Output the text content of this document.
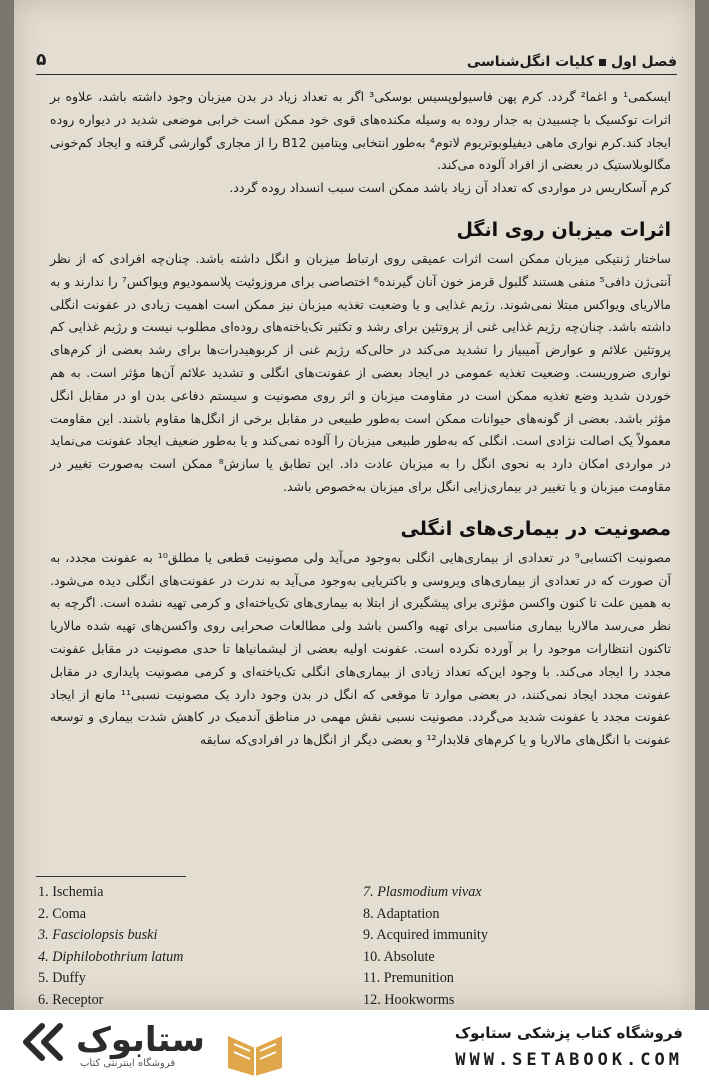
فصل اول
کلیات انگل‌شناسی
۵

ایسکمی¹ و اغما² گردد. کرم پهن فاسیولوپسیس بوسکی³ اگر به تعداد زیاد در بدن میزبان وجود داشته باشد، علاوه بر اثرات توکسیک با چسبیدن به جدار روده به وسیله مکنده‌های قوی خود ممکن است خرابی موضعی شدید در دیواره روده ایجاد کند.کرم نواری ماهی دیفیلوبوتریوم لاتوم⁴ به‌طور انتخابی ویتامین B12 را از مجاری گوارشی گرفته و ایجاد کم‌خونی مگالوبلاستیک در بعضی از افراد آلوده می‌کند.

کرم آسکاریس در مواردی که تعداد آن زیاد باشد ممکن است سبب انسداد روده گردد.

اثرات میزبان روی انگل

ساختار ژنتیکی میزبان ممکن است اثرات عمیقی روی ارتباط میزبان و انگل داشته باشد. چنان‌چه افرادی که از نظر آنتی‌ژن دافی⁵ منفی هستند گلبول قرمز خون آنان گیرنده⁶ اختصاصی برای مروزوئیت پلاسمودیوم ویواکس⁷ را ندارند و به مالاریای ویواکس مبتلا نمی‌شوند. رژیم غذایی و یا وضعیت تغذیه میزبان نیز ممکن است اهمیت زیادی در عفونت انگلی داشته باشد. چنان‌چه رژیم غذایی غنی از پروتئین برای رشد و تکثیر تک‌یاخته‌های روده‌ای مطلوب نیست و رژیم غذایی کم پروتئین علائم و عوارض آمیبیاز را تشدید می‌کند در حالی‌که رژیم غنی از کربوهیدرات‌ها برای رشد بعضی از کرم‌های نواری ضروریست. وضعیت تغذیه عمومی در ایجاد بعضی از عفونت‌های انگلی و تشدید علائم آن‌ها مؤثر است. به هم خوردن شدید وضع تغذیه ممکن است در مقاومت میزبان و اثر روی مصونیت و سیستم دفاعی بدن او در مقابل انگل مؤثر باشد. بعضی از گونه‌های حیوانات ممکن است به‌طور طبیعی در مقابل برخی از انگل‌ها مقاوم باشند. این مقاومت معمولاً یک اصالت نژادی است. انگلی که به‌طور طبیعی میزبان را آلوده نمی‌کند و یا به‌طور ضعیف ایجاد عفونت می‌نماید در مواردی امکان دارد به نحوی انگل را به میزبان عادت داد. این تطابق یا سازش⁸ ممکن است به‌صورت تغییر در مقاومت میزبان و یا تغییر در بیماری‌زایی انگل برای میزبان به‌خصوص باشد.

مصونیت در بیماری‌های انگلی

مصونیت اکتسابی⁹ در تعدادی از بیماری‌هایی انگلی به‌وجود می‌آید ولی مصونیت قطعی یا مطلق¹⁰ به عفونت مجدد، به آن صورت که در تعدادی از بیماری‌های ویروسی و باکتریایی به‌وجود می‌آید به ندرت در عفونت‌های انگلی دیده می‌شود. به همین علت تا کنون واکسن مؤثری برای پیشگیری از ابتلا به بیماری‌های تک‌یاخته‌ای و کرمی تهیه نشده است. اگرچه به نظر می‌رسد مالاریا بیماری مناسبی برای تهیه واکسن باشد ولی مطالعات صحرایی روی واکسن‌های تهیه شده مالاریا تاکنون انتظارات موجود را بر آورده نکرده است. عفونت اولیه بعضی از لیشمانیاها تا حدی مصونیت در مقابل عفونت مجدد را ایجاد می‌کند. با وجود این‌که تعداد زیادی از بیماری‌های انگلی تک‌یاخته‌ای و کرمی مصونیت پایداری در مقابل عفونت مجدد ایجاد نمی‌کنند، در بعضی موارد تا موقعی که انگل در بدن وجود دارد یک مصونیت نسبی¹¹ مانع از ایجاد عفونت مجدد یا عفونت شدید می‌گردد. مصونیت نسبی نقش مهمی در مناطق آندمیک در کاهش شدت بیماری و توسعه عفونت با انگل‌های مالاریا و یا کرم‌های قلابدار¹² و بعضی دیگر از انگل‌ها در افرادی‌که سابقه

1. Ischemia
2. Coma
3. Fasciolopsis buski
4. Diphilobothrium latum
5. Duffy
6. Receptor
7. Plasmodium vivax
8. Adaptation
9. Acquired immunity
10. Absolute
11. Premunition
12. Hookworms
ستابوک
فروشگاه اینترنتی کتاب
فروشگاه کتاب پزشکی ستابوک
WWW.SETABOOK.COM
